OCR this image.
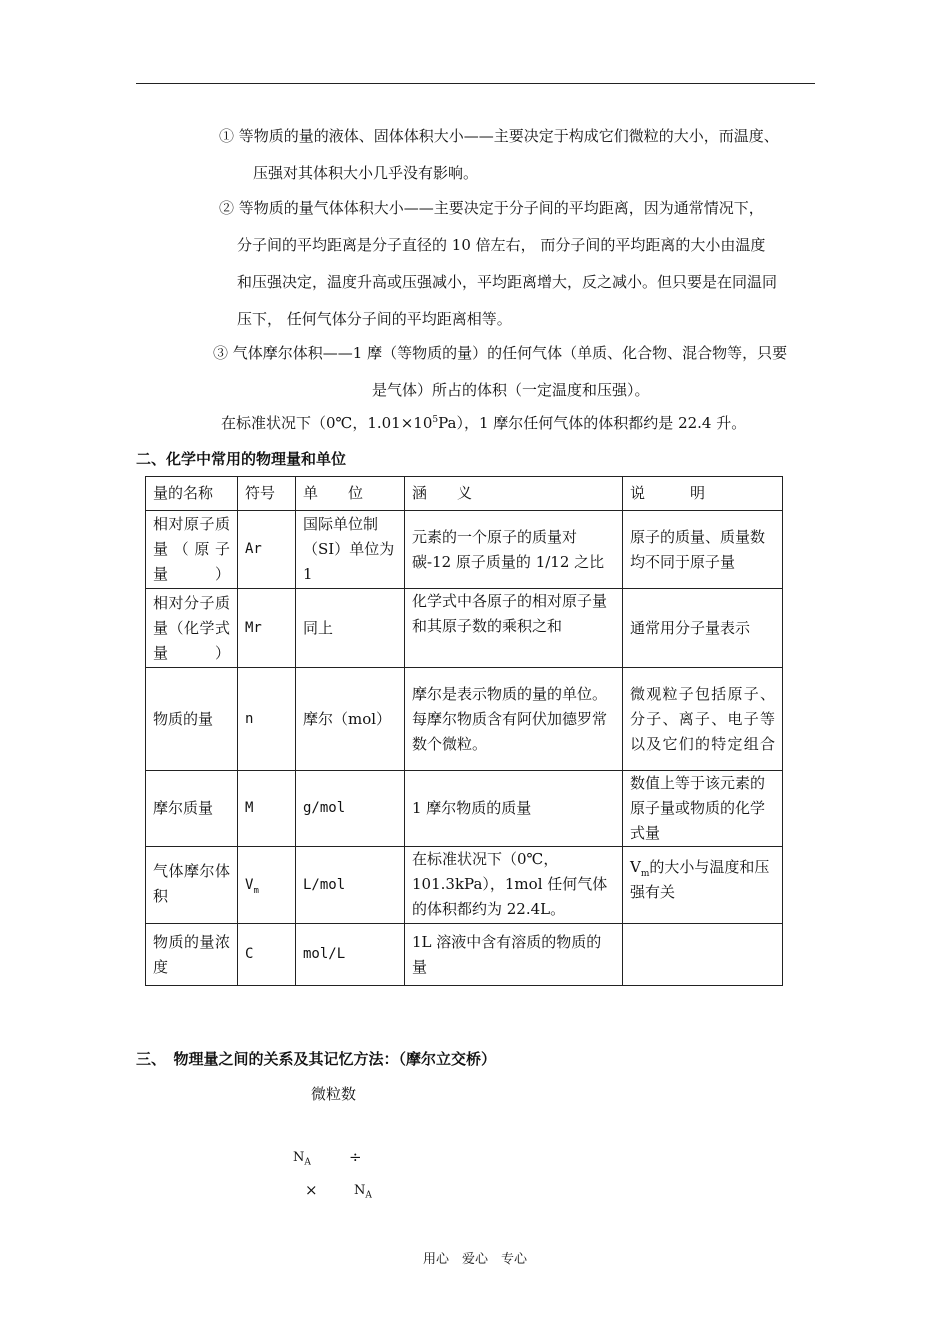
① 等物质的量的液体、固体体积大小——主要决定于构成它们微粒的大小，而温度、
压强对其体积大小几乎没有影响。
② 等物质的量气体体积大小——主要决定于分子间的平均距离，因为通常情况下，
分子间的平均距离是分子直径的 10 倍左右， 而分子间的平均距离的大小由温度
和压强决定，温度升高或压强减小，平均距离增大，反之减小。但只要是在同温同
压下， 任何气体分子间的平均距离相等。
③ 气体摩尔体积——1 摩（等物质的量）的任何气体（单质、化合物、混合物等，只要
是气体）所占的体积（一定温度和压强）。
在标准状况下（0℃，$1.01\times 10^5Pa$），1 摩尔任何气体的体积都约是 22.4 升。
二、化学中常用的物理量和单位
量的名称	符号	单　　位	涵　　义	说　　　明
相对原子质量（原子量）	Ar	国际单位制（SI）单位为 1	元素的一个原子的质量对碳-12 原子质量的 1/12 之比	原子的质量、质量数均不同于原子量
相对分子质量（化学式量）	Mr	同上	化学式中各原子的相对原子量和其原子数的乘积之和	通常用分子量表示
物质的量	n	摩尔（mol）	摩尔是表示物质的量的单位。每摩尔物质含有阿伏加德罗常数个微粒。	微观粒子包括原子、分子、离子、电子等以及它们的特定组合
摩尔质量	M	g/mol	1 摩尔物质的质量	数值上等于该元素的原子量或物质的化学式量
气体摩尔体积	$V_m$	L/mol	在标准状况下（0℃，101.3kPa），1mol 任何气体的体积都约为 22.4L。	$V_m$的大小与温度和压强有关
物质的量浓度	C	mol/L	1L 溶液中含有溶质的物质的量	
三、　物理量之间的关系及其记忆方法：（摩尔立交桥）
微粒数
$N_A$	÷
×	$N_A$
用心　爱心　专心
